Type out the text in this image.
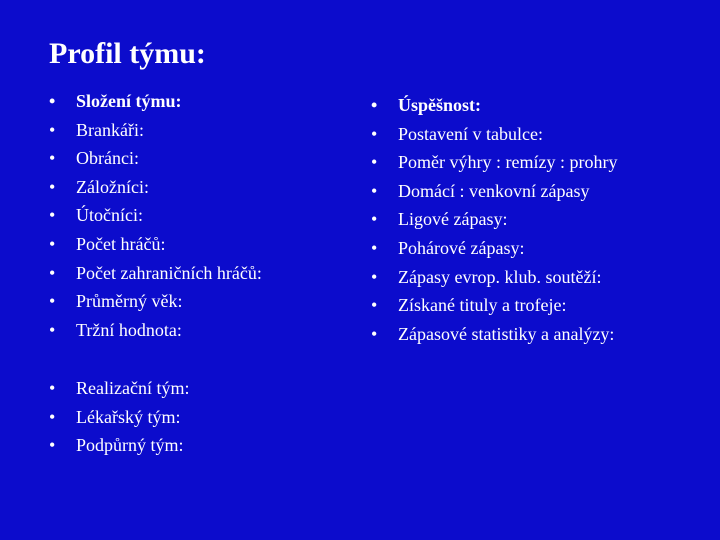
Profil týmu:
•	Složení týmu:
•	Brankáři:
•	Obránci:
•	Záložníci:
•	Útočníci:
•	Počet hráčů:
•	Počet zahraničních hráčů:
•	Průměrný věk:
•	Tržní hodnota:
•	Realizační tým:
•	Lékařský tým:
•	Podpůrný tým:
•	Úspěšnost:
•	Postavení v tabulce:
•	Poměr výhry : remízy : prohry
•	Domácí : venkovní zápasy
•	Ligové zápasy:
•	Pohárové zápasy:
•	Zápasy evrop. klub. soutěží:
•	Získané tituly a trofeje:
•	Zápasové statistiky a analýzy:
